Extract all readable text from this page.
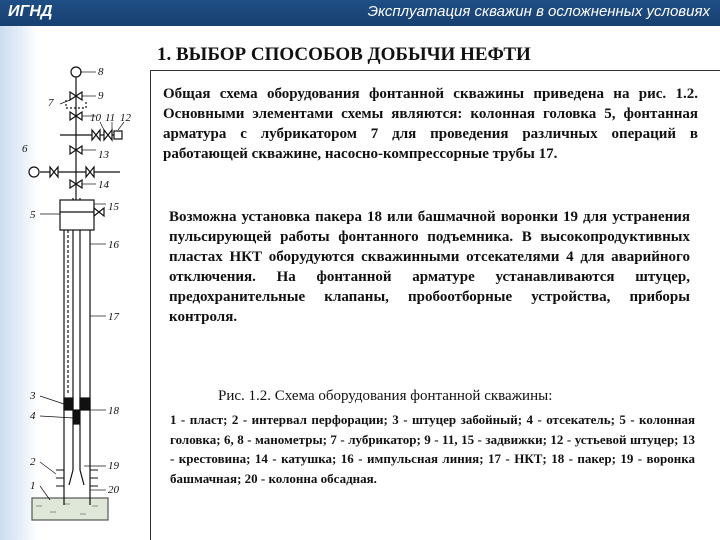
ИГНД	Эксплуатация скважин в осложненных условиях
1. ВЫБОР СПОСОБОВ ДОБЫЧИ НЕФТИ
8
9
7
10 11 12
13
6
14
15
5
16
17
3
18
4
2	19
1	20

Общая схема оборудования фонтанной скважины приведена на рис. 1.2. Основными элементами схемы являются: колонная головка 5, фонтанная арматура с лубрикатором 7 для проведения различных операций в работающей скважине, насосно-компрессорные трубы 17.

Возможна установка пакера 18 или башмачной воронки 19 для устранения пульсирующей работы фонтанного подъемника. В высокопродуктивных пластах НКТ оборудуются скважинными отсекателями 4 для аварийного отключения. На фонтанной арматуре устанавливаются штуцер, предохранительные клапаны, пробоотборные устройства, приборы контроля.

Рис. 1.2. Схема оборудования фонтанной скважины:

1 - пласт; 2 - интервал перфорации; 3 - штуцер забойный; 4 - отсекатель; 5 - колонная головка; 6, 8 - манометры; 7 - лубрикатор; 9 - 11, 15 - задвижки; 12 - устьевой штуцер; 13 - крестовина; 14 - катушка; 16 - импульсная линия; 17 - НКТ; 18 - пакер; 19 - воронка башмачная; 20 - колонна обсадная.
